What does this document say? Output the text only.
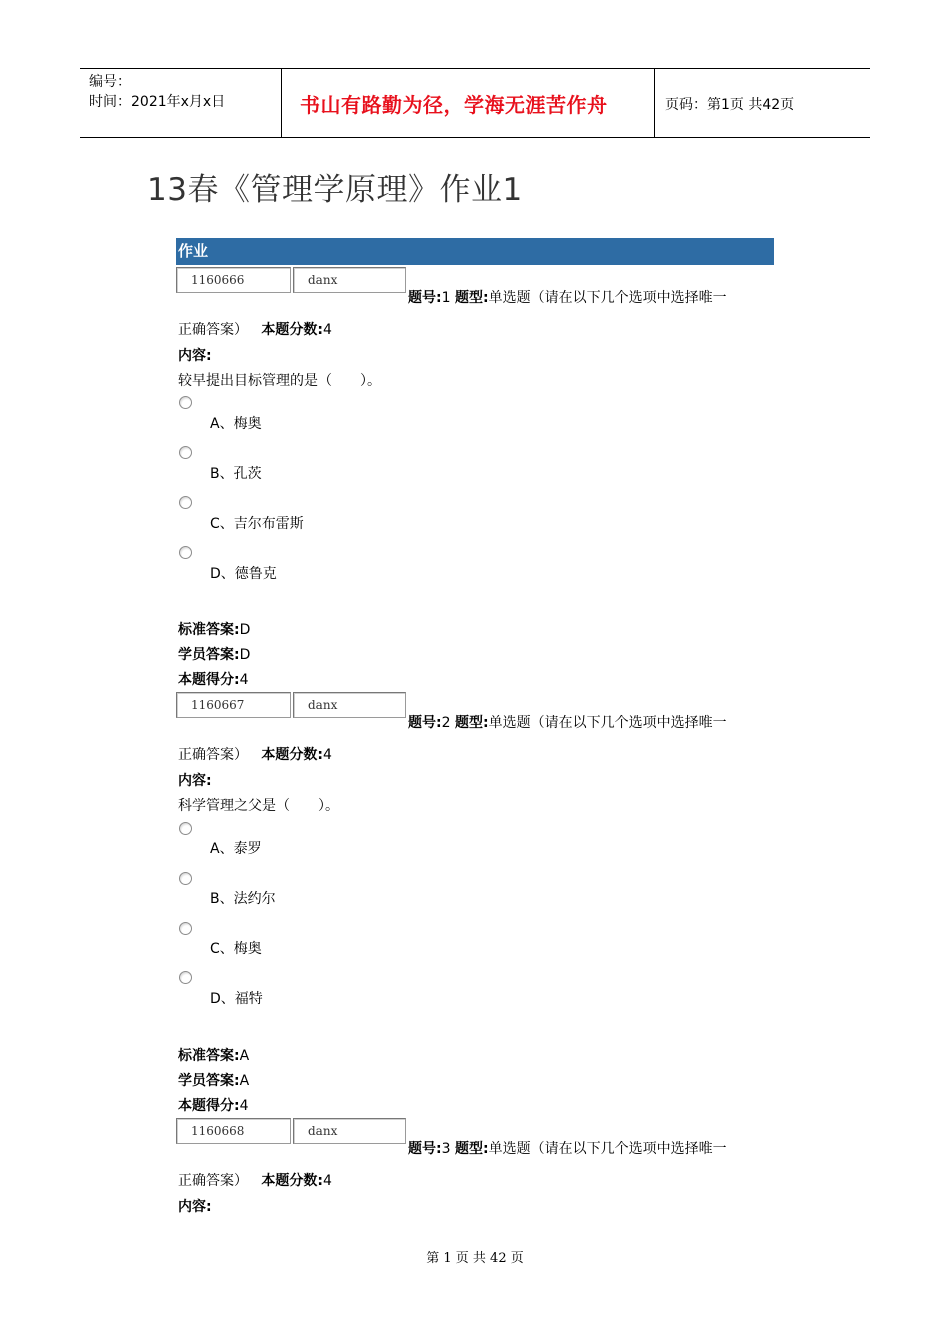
编号：
时间：2021年x月x日	书山有路勤为径，学海无涯苦作舟	页码：第1页 共42页
13春《管理学原理》作业1
作业
1160666	danx
题号:1 题型:单选题（请在以下几个选项中选择唯一
正确答案） 本题分数:4
内容:
较早提出目标管理的是（　　）。
A、梅奥
B、孔茨
C、吉尔布雷斯
D、德鲁克
标准答案:D
学员答案:D
本题得分:4
1160667	danx
题号:2 题型:单选题（请在以下几个选项中选择唯一
正确答案） 本题分数:4
内容:
科学管理之父是（　　）。
A、泰罗
B、法约尔
C、梅奥
D、福特
标准答案:A
学员答案:A
本题得分:4
1160668	danx
题号:3 题型:单选题（请在以下几个选项中选择唯一
正确答案） 本题分数:4
内容:
第 1 页 共 42 页
